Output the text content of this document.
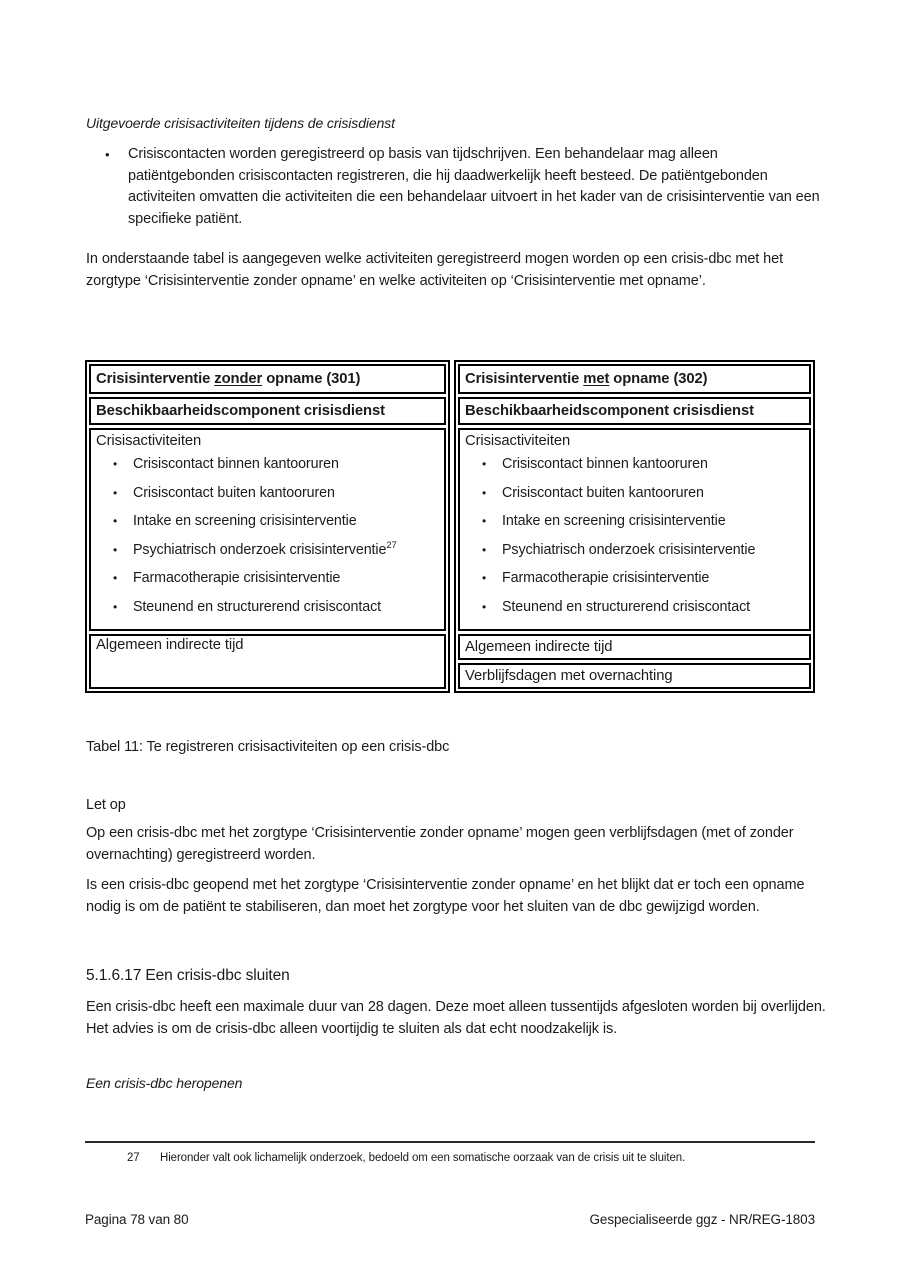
Uitgevoerde crisisactiviteiten tijdens de crisisdienst
• Crisiscontacten worden geregistreerd op basis van tijdschrijven. Een behandelaar mag alleen patiëntgebonden crisiscontacten registreren, die hij daadwerkelijk heeft besteed. De patiëntgebonden activiteiten omvatten die activiteiten die een behandelaar uitvoert in het kader van de crisisinterventie van een specifieke patiënt.
In onderstaande tabel is aangegeven welke activiteiten geregistreerd mogen worden op een crisis-dbc met het zorgtype ‘Crisisinterventie zonder opname’ en welke activiteiten op ‘Crisisinterventie met opname’.
Crisisinterventie zonder opname (301)
Beschikbaarheidscomponent crisisdienst
Crisisactiviteiten
• Crisiscontact binnen kantooruren
• Crisiscontact buiten kantooruren
• Intake en screening crisisinterventie
• Psychiatrisch onderzoek crisisinterventie$^{27}$
• Farmacotherapie crisisinterventie
• Steunend en structurerend crisiscontact
Algemeen indirecte tijd
Crisisinterventie met opname (302)
Beschikbaarheidscomponent crisisdienst
Crisisactiviteiten
• Crisiscontact binnen kantooruren
• Crisiscontact buiten kantooruren
• Intake en screening crisisinterventie
• Psychiatrisch onderzoek crisisinterventie
• Farmacotherapie crisisinterventie
• Steunend en structurerend crisiscontact
Algemeen indirecte tijd
Verblijfsdagen met overnachting
Tabel 11: Te registreren crisisactiviteiten op een crisis-dbc
Let op
Op een crisis-dbc met het zorgtype ‘Crisisinterventie zonder opname’ mogen geen verblijfsdagen (met of zonder overnachting) geregistreerd worden.
Is een crisis-dbc geopend met het zorgtype ‘Crisisinterventie zonder opname’ en het blijkt dat er toch een opname nodig is om de patiënt te stabiliseren, dan moet het zorgtype voor het sluiten van de dbc gewijzigd worden.
5.1.6.17 Een crisis-dbc sluiten
Een crisis-dbc heeft een maximale duur van 28 dagen. Deze moet alleen tussentijds afgesloten worden bij overlijden. Het advies is om de crisis-dbc alleen voortijdig te sluiten als dat echt noodzakelijk is.
Een crisis-dbc heropenen
27	Hieronder valt ook lichamelijk onderzoek, bedoeld om een somatische oorzaak van de crisis uit te sluiten.
Pagina 78 van 80	Gespecialiseerde ggz - NR/REG-1803
